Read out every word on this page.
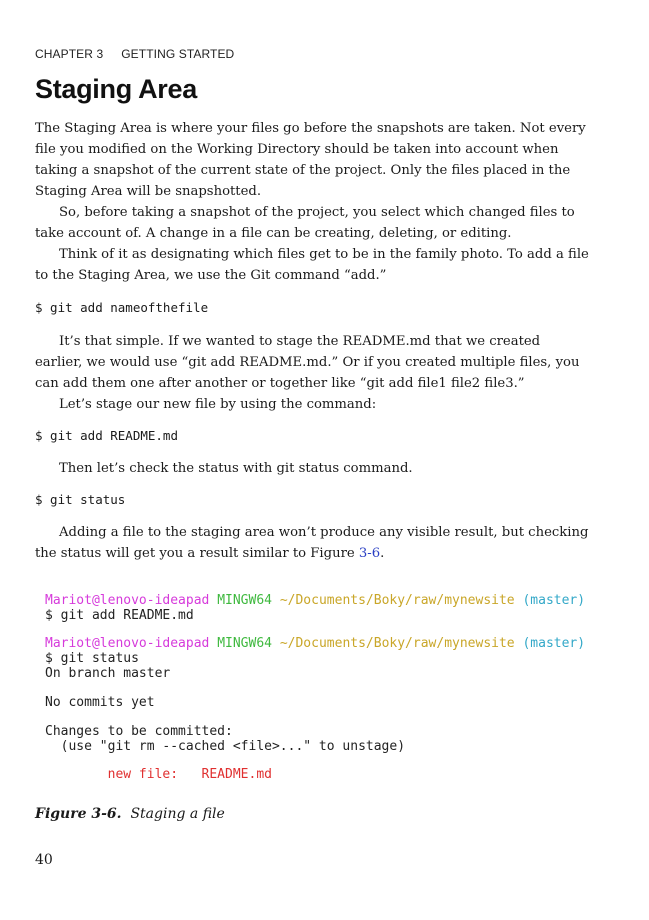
CHAPTER 3 GETTING STARTED
Staging Area

The Staging Area is where your files go before the snapshots are taken. Not every file you modified on the Working Directory should be taken into account when taking a snapshot of the current state of the project. Only the files placed in the Staging Area will be snapshotted.

So, before taking a snapshot of the project, you select which changed files to take account of. A change in a file can be creating, deleting, or editing.

Think of it as designating which files get to be in the family photo. To add a file to the Staging Area, we use the Git command “add.”

$ git add nameofthefile

It’s that simple. If we wanted to stage the README.md that we created earlier, we would use “git add README.md.” Or if you created multiple files, you can add them one after another or together like “git add file1 file2 file3.”

Let’s stage our new file by using the command:

$ git add README.md

Then let’s check the status with git status command.

$ git status

Adding a file to the staging area won’t produce any visible result, but checking the status will get you a result similar to Figure 3-6.

Mariot@lenovo-ideapad MINGW64 ~/Documents/Boky/raw/mynewsite (master)
$ git add README.md
Mariot@lenovo-ideapad MINGW64 ~/Documents/Boky/raw/mynewsite (master)
$ git status
On branch master
No commits yet
Changes to be committed:
(use "git rm --cached <file>..." to unstage)
new file:   README.md
Figure 3-6. Staging a file
40
